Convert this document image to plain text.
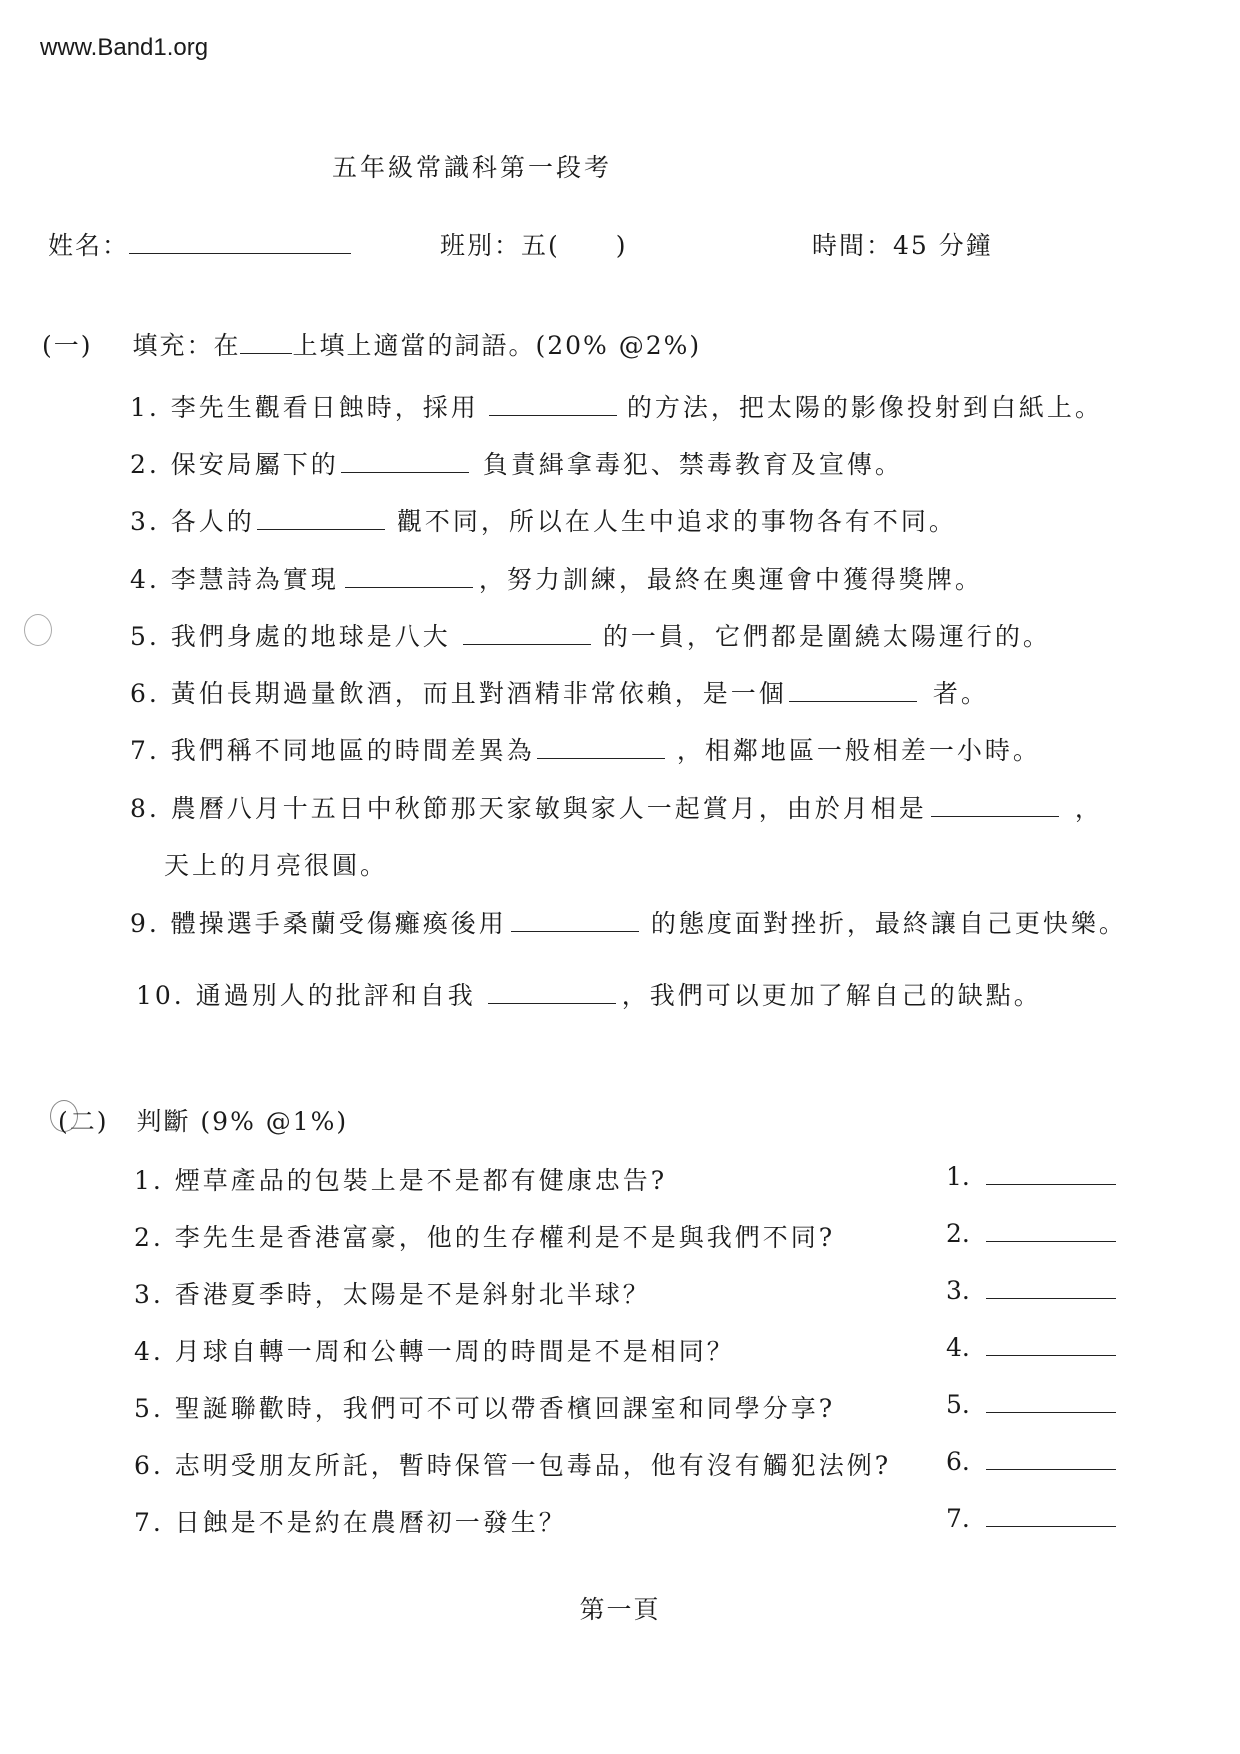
www.Band1.org
五年級常識科第一段考
姓名：	班別：五( )	時間：45 分鐘
(一) 填充：在 上填上適當的詞語。(20% @2%)
1. 李先生觀看日蝕時，採用	的方法，把太陽的影像投射到白紙上。
2. 保安局屬下的	負責緝拿毒犯、禁毒教育及宣傳。
3. 各人的	觀不同，所以在人生中追求的事物各有不同。
4. 李慧詩為實現	，努力訓練，最終在奧運會中獲得獎牌。
5. 我們身處的地球是八大	的一員，它們都是圍繞太陽運行的。
6. 黃伯長期過量飲酒，而且對酒精非常依賴，是一個	者。
7. 我們稱不同地區的時間差異為	，相鄰地區一般相差一小時。
8. 農曆八月十五日中秋節那天家敏與家人一起賞月，由於月相是	，
天上的月亮很圓。
9. 體操選手桑蘭受傷癱瘓後用	的態度面對挫折，最終讓自己更快樂。
10. 通過別人的批評和自我	，我們可以更加了解自己的缺點。
(二) 判斷 (9% @1%)
1. 煙草產品的包裝上是不是都有健康忠告?	1.
2. 李先生是香港富豪，他的生存權利是不是與我們不同?	2.
3. 香港夏季時，太陽是不是斜射北半球？	3.
4. 月球自轉一周和公轉一周的時間是不是相同？	4.
5. 聖誕聯歡時，我們可不可以帶香檳回課室和同學分享?	5.
6. 志明受朋友所託，暫時保管一包毒品，他有沒有觸犯法例? 6.
7. 日蝕是不是約在農曆初一發生？	7.
第一頁
